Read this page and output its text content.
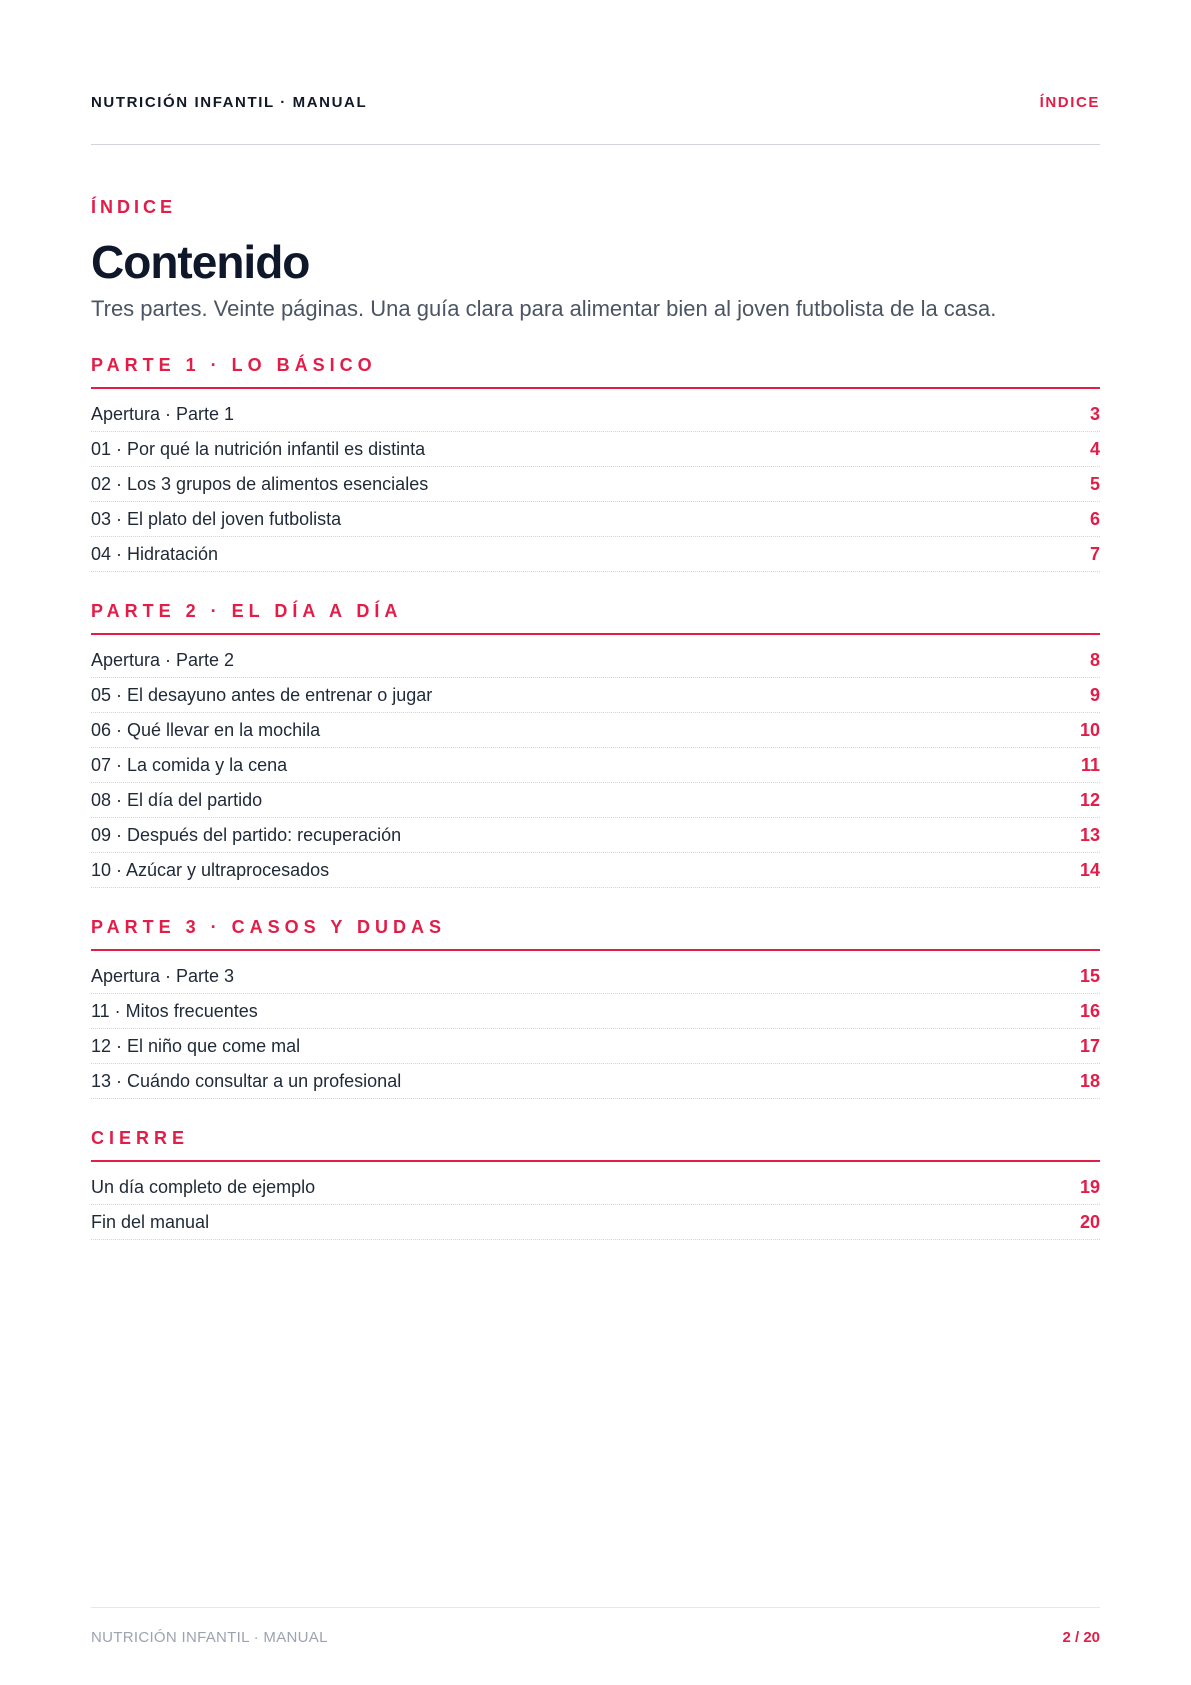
NUTRICIÓN INFANTIL · MANUAL	ÍNDICE
ÍNDICE
Contenido
Tres partes. Veinte páginas. Una guía clara para alimentar bien al joven futbolista de la casa.
PARTE 1 · LO BÁSICO
Apertura · Parte 1	3
01 · Por qué la nutrición infantil es distinta	4
02 · Los 3 grupos de alimentos esenciales	5
03 · El plato del joven futbolista	6
04 · Hidratación	7
PARTE 2 · EL DÍA A DÍA
Apertura · Parte 2	8
05 · El desayuno antes de entrenar o jugar	9
06 · Qué llevar en la mochila	10
07 · La comida y la cena	11
08 · El día del partido	12
09 · Después del partido: recuperación	13
10 · Azúcar y ultraprocesados	14
PARTE 3 · CASOS Y DUDAS
Apertura · Parte 3	15
11 · Mitos frecuentes	16
12 · El niño que come mal	17
13 · Cuándo consultar a un profesional	18
CIERRE
Un día completo de ejemplo	19
Fin del manual	20
NUTRICIÓN INFANTIL · MANUAL	2 / 20
